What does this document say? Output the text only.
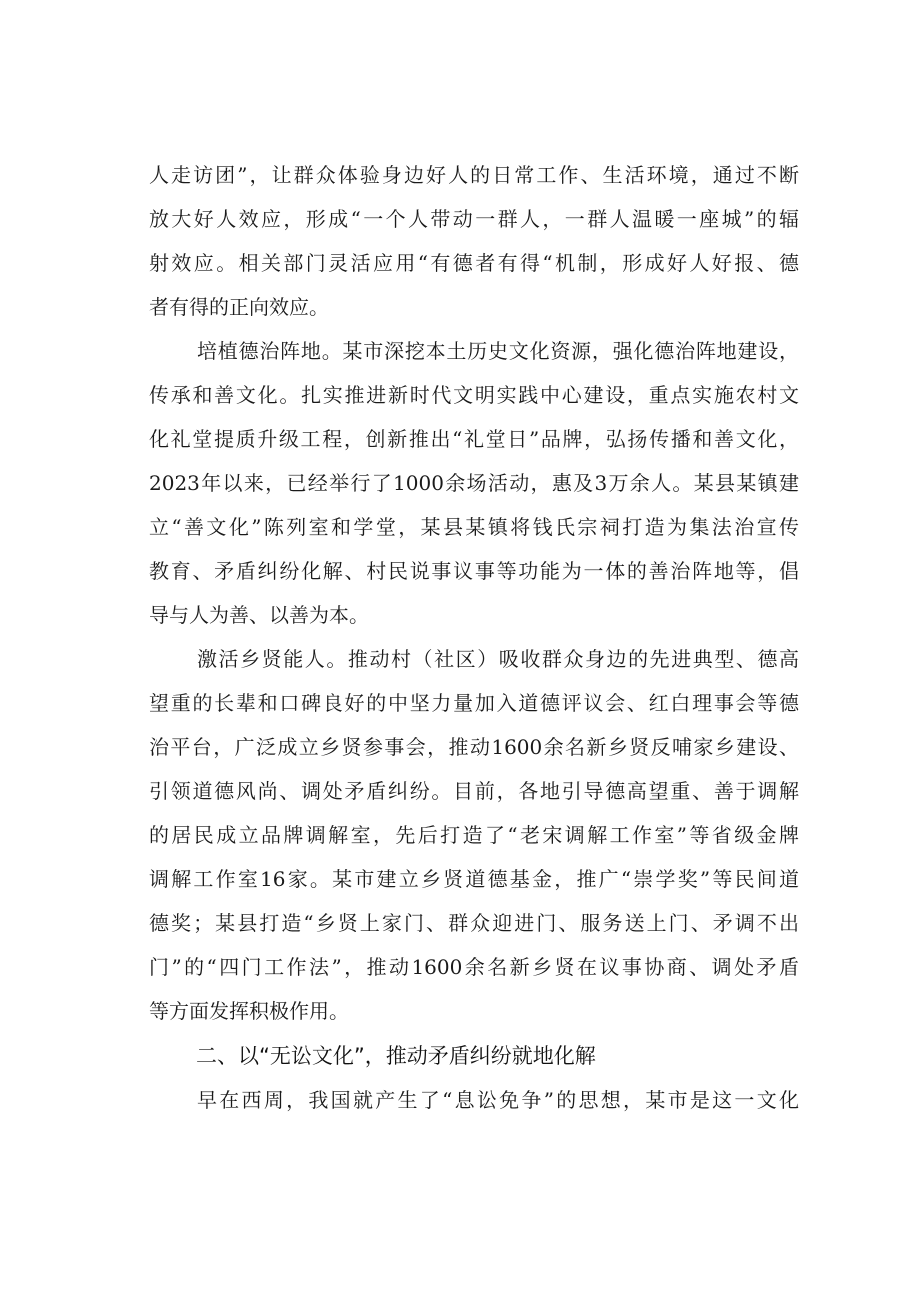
人走访团”，让群众体验身边好人的日常工作、生活环境，通过不断
放大好人效应，形成“一个人带动一群人，一群人温暖一座城”的辐
射效应。相关部门灵活应用“有德者有得“机制，形成好人好报、德
者有得的正向效应。
培植德治阵地。某市深挖本土历史文化资源，强化德治阵地建设，
传承和善文化。扎实推进新时代文明实践中心建设，重点实施农村文
化礼堂提质升级工程，创新推出“礼堂日”品牌，弘扬传播和善文化，
2023年以来，已经举行了1000余场活动，惠及3万余人。某县某镇建
立“善文化”陈列室和学堂，某县某镇将钱氏宗祠打造为集法治宣传
教育、矛盾纠纷化解、村民说事议事等功能为一体的善治阵地等，倡
导与人为善、以善为本。
激活乡贤能人。推动村（社区）吸收群众身边的先进典型、德高
望重的长辈和口碑良好的中坚力量加入道德评议会、红白理事会等德
治平台，广泛成立乡贤参事会，推动1600余名新乡贤反哺家乡建设、
引领道德风尚、调处矛盾纠纷。目前，各地引导德高望重、善于调解
的居民成立品牌调解室，先后打造了“老宋调解工作室”等省级金牌
调解工作室16家。某市建立乡贤道德基金，推广“崇学奖”等民间道
德奖；某县打造“乡贤上家门、群众迎进门、服务送上门、矛调不出
门”的“四门工作法”，推动1600余名新乡贤在议事协商、调处矛盾
等方面发挥积极作用。
二、以“无讼文化”，推动矛盾纠纷就地化解
早在西周，我国就产生了“息讼免争”的思想，某市是这一文化
